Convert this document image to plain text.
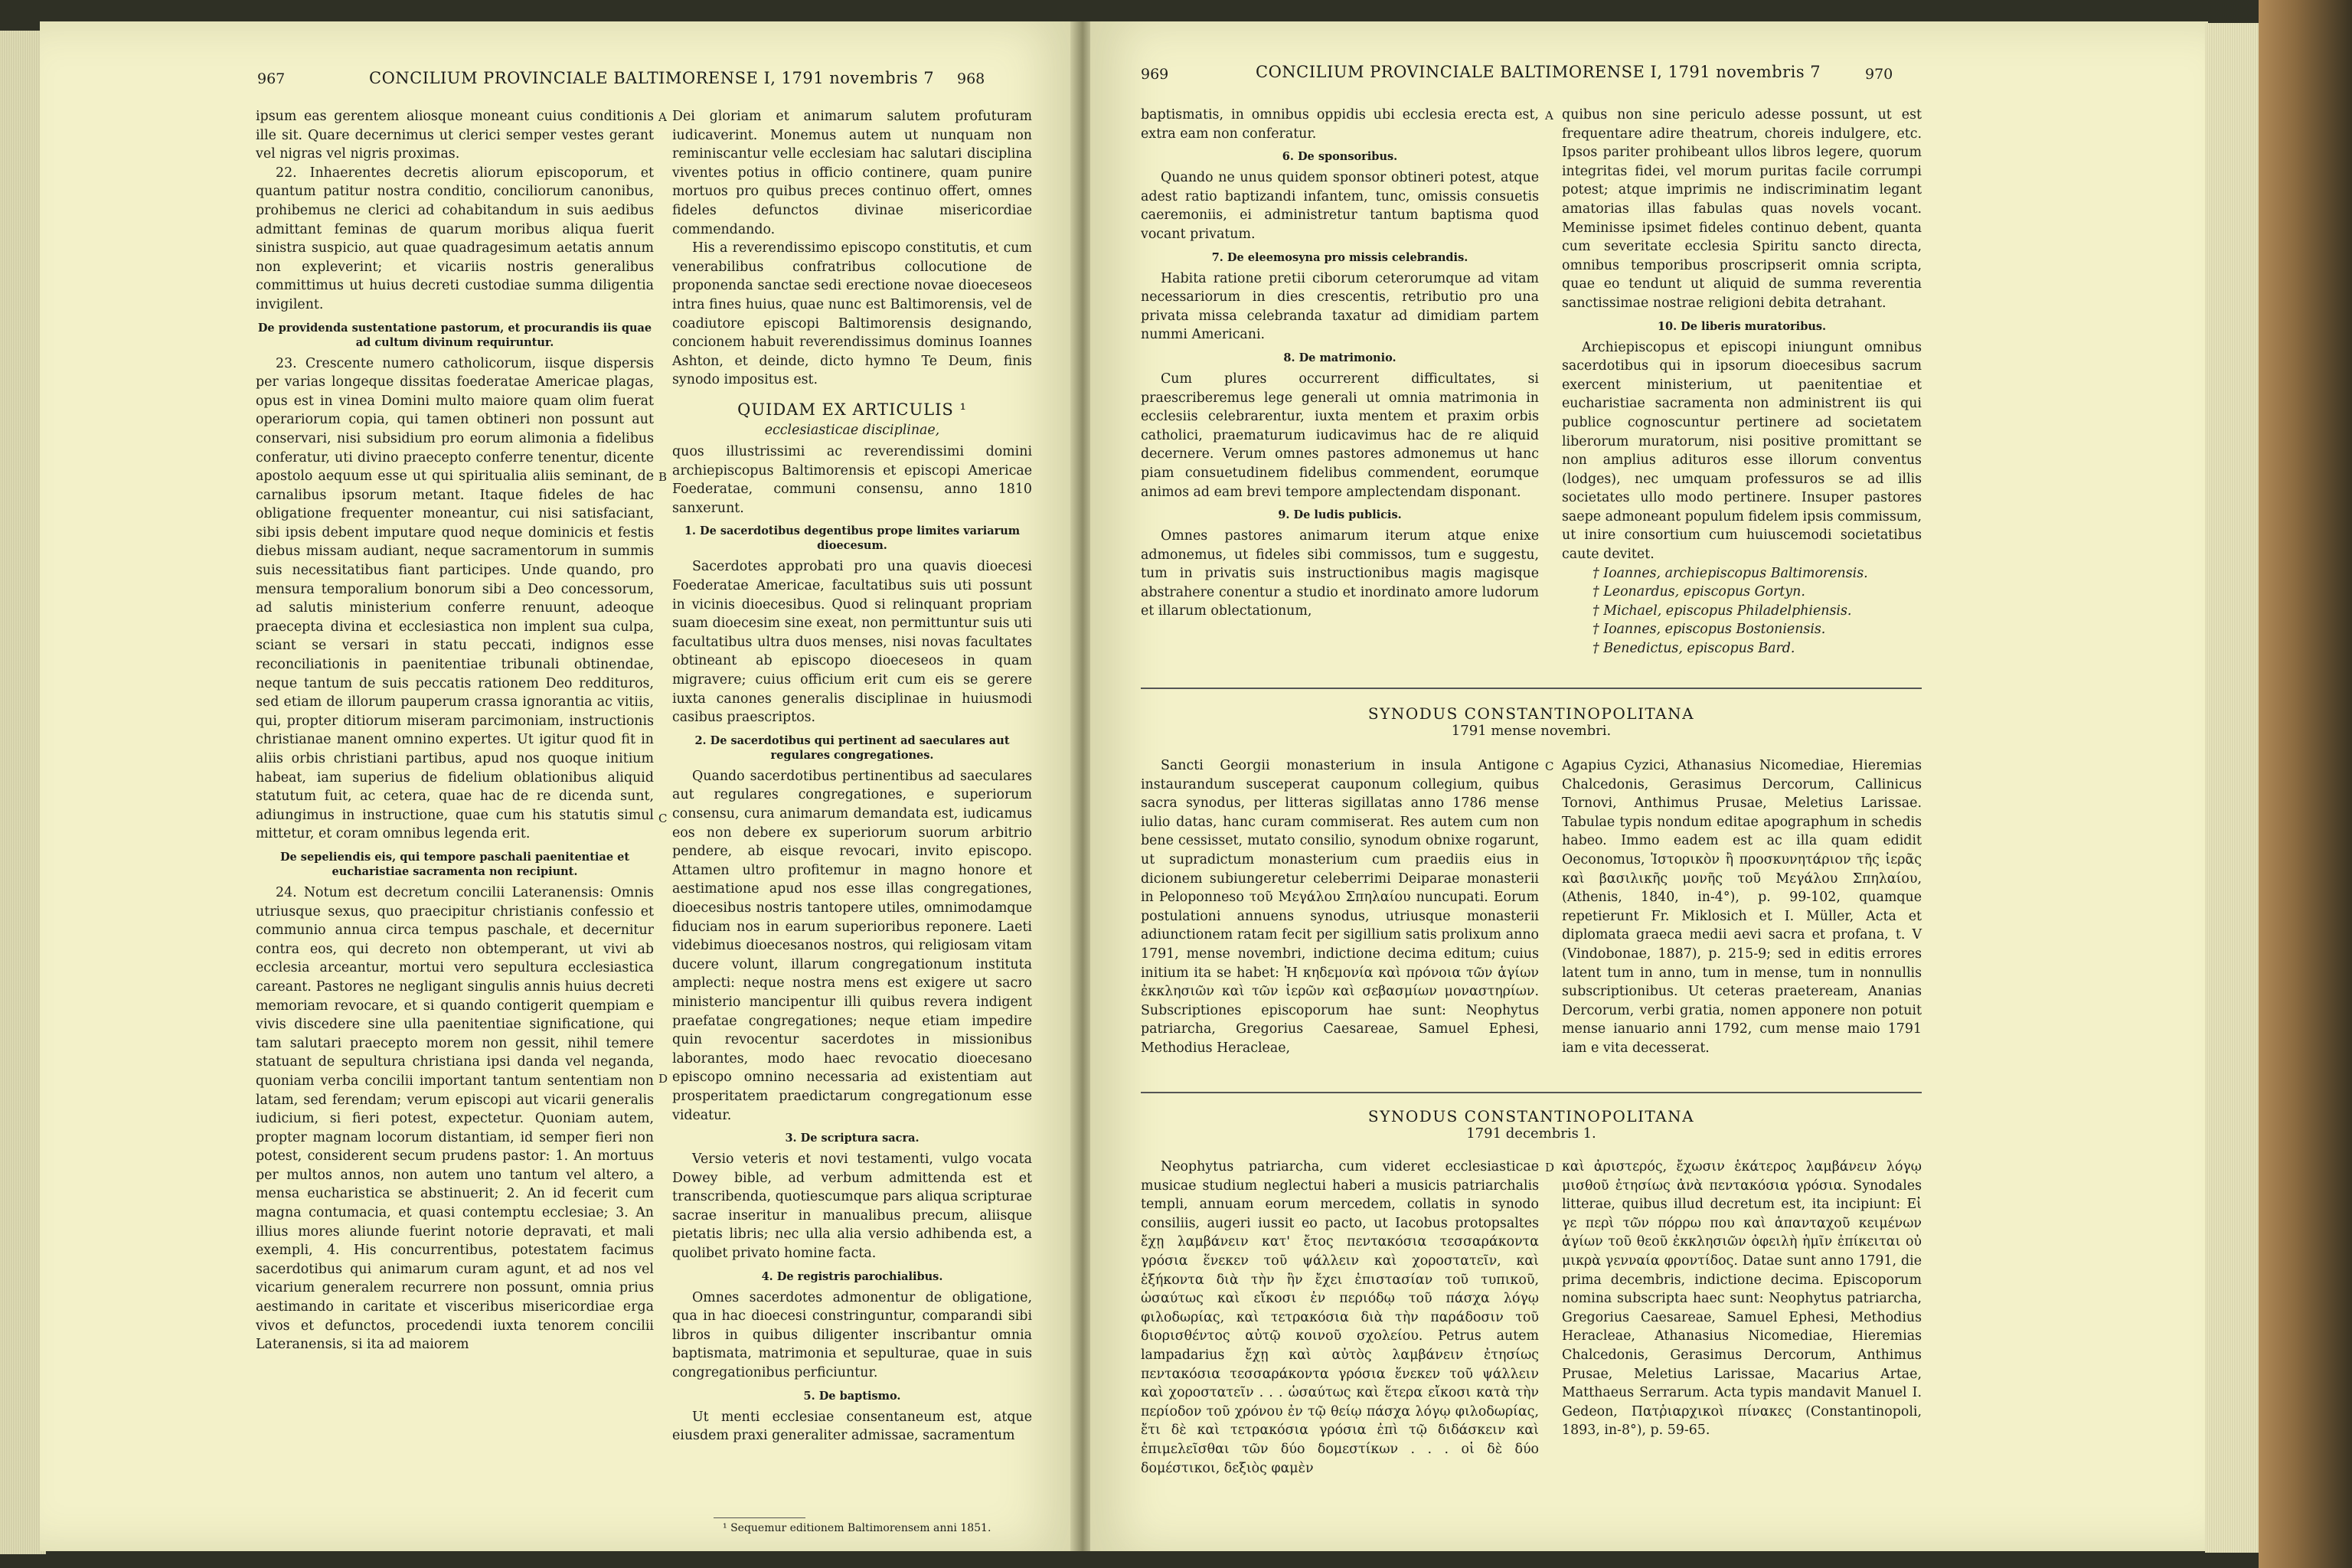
967	CONCILIUM PROVINCIALE BALTIMORENSE I, 1791 novembris 7 968

ipsum eas gerentem aliosque moneant cuius conditionis ille sit. Quare decernimus ut clerici semper vestes gerant vel nigras vel nigris proximas.

22. Inhaerentes decretis aliorum episcoporum, et quantum patitur nostra conditio, conciliorum canonibus, prohibemus ne clerici ad cohabitandum in suis aedibus admittant feminas de quarum moribus aliqua fuerit sinistra suspicio, aut quae quadragesimum aetatis annum non expleverint; et vicariis nostris generalibus committimus ut huius decreti custodiae summa diligentia invigilent.

De providenda sustentatione pastorum, et procurandis iis quae ad cultum divinum requiruntur.

23. Crescente numero catholicorum, iisque dispersis per varias longeque dissitas foederatae Americae plagas, opus est in vinea Domini multo maiore quam olim fuerat operariorum copia, qui tamen obtineri non possunt aut conservari, nisi subsidium pro eorum alimonia a fidelibus conferatur, uti divino praecepto conferre tenentur, dicente apostolo aequum esse ut qui spiritualia aliis seminant, de carnalibus ipsorum metant. Itaque fideles de hac obligatione frequenter moneantur, cui nisi satisfaciant, sibi ipsis debent imputare quod neque dominicis et festis diebus missam audiant, neque sacramentorum in summis suis necessitatibus fiant participes. Unde quando, pro mensura temporalium bonorum sibi a Deo concessorum, ad salutis ministerium conferre renuunt, adeoque praecepta divina et ecclesiastica non implent sua culpa, sciant se versari in statu peccati, indignos esse reconciliationis in paenitentiae tribunali obtinendae, neque tantum de suis peccatis rationem Deo reddituros, sed etiam de illorum pauperum crassa ignorantia ac vitiis, qui, propter ditiorum miseram parcimoniam, instructionis christianae manent omnino expertes. Ut igitur quod fit in aliis orbis christiani partibus, apud nos quoque initium habeat, iam superius de fidelium oblationibus aliquid statutum fuit, ac cetera, quae hac de re dicenda sunt, adiungimus in instructione, quae cum his statutis simul mittetur, et coram omnibus legenda erit.

De sepeliendis eis, qui tempore paschali paenitentiae et eucharistiae sacramenta non recipiunt.

24. Notum est decretum concilii Lateranensis: Omnis utriusque sexus, quo praecipitur christianis confessio et communio annua circa tempus paschale, et decernitur contra eos, qui decreto non obtemperant, ut vivi ab ecclesia arceantur, mortui vero sepultura ecclesiastica careant. Pastores ne negligant singulis annis huius decreti memoriam revocare, et si quando contigerit quempiam e vivis discedere sine ulla paenitentiae significatione, qui tam salutari praecepto morem non gessit, nihil temere statuant de sepultura christiana ipsi danda vel neganda, quoniam verba concilii important tantum sententiam non latam, sed ferendam; verum episcopi aut vicarii generalis iudicium, si fieri potest, expectetur. Quoniam autem, propter magnam locorum distantiam, id semper fieri non potest, considerent secum prudens pastor: 1. An mortuus per multos annos, non autem uno tantum vel altero, a mensa eucharistica se abstinuerit; 2. An id fecerit cum magna contumacia, et quasi contemptu ecclesiae; 3. An illius mores aliunde fuerint notorie depravati, et mali exempli, 4. His concurrentibus, potestatem facimus sacerdotibus qui animarum curam agunt, et ad nos vel vicarium generalem recurrere non possunt, omnia prius aestimando in caritate et visceribus misericordiae erga vivos et defunctos, procedendi iuxta tenorem concilii Lateranensis, si ita ad maiorem

A
B
C
D

Dei gloriam et animarum salutem profuturam iudicaverint. Monemus autem ut nunquam non reminiscantur velle ecclesiam hac salutari disciplina viventes potius in officio continere, quam punire mortuos pro quibus preces continuo offert, omnes fideles defunctos divinae misericordiae commendando.

His a reverendissimo episcopo constitutis, et cum venerabilibus confratribus collocutione de proponenda sanctae sedi erectione novae dioeceseos intra fines huius, quae nunc est Baltimorensis, vel de coadiutore episcopi Baltimorensis designando, concionem habuit reverendissimus dominus Ioannes Ashton, et deinde, dicto hymno Te Deum, finis synodo impositus est.

QUIDAM EX ARTICULIS ¹
ecclesiasticae disciplinae,

quos illustrissimi ac reverendissimi domini archiepiscopus Baltimorensis et episcopi Americae Foederatae, communi consensu, anno 1810 sanxerunt.

1. De sacerdotibus degentibus prope limites variarum dioecesum.

Sacerdotes approbati pro una quavis dioecesi Foederatae Americae, facultatibus suis uti possunt in vicinis dioecesibus. Quod si relinquant propriam suam dioecesim sine exeat, non permittuntur suis uti facultatibus ultra duos menses, nisi novas facultates obtineant ab episcopo dioeceseos in quam migravere; cuius officium erit cum eis se gerere iuxta canones generalis disciplinae in huiusmodi casibus praescriptos.

2. De sacerdotibus qui pertinent ad saeculares aut regulares congregationes.

Quando sacerdotibus pertinentibus ad saeculares aut regulares congregationes, e superiorum consensu, cura animarum demandata est, iudicamus eos non debere ex superiorum suorum arbitrio pendere, ab eisque revocari, invito episcopo. Attamen ultro profitemur in magno honore et aestimatione apud nos esse illas congregationes, dioecesibus nostris tantopere utiles, omnimodamque fiduciam nos in earum superioribus reponere. Laeti videbimus dioecesanos nostros, qui religiosam vitam ducere volunt, illarum congregationum instituta amplecti: neque nostra mens est exigere ut sacro ministerio mancipentur illi quibus revera indigent praefatae congregationes; neque etiam impedire quin revocentur sacerdotes in missionibus laborantes, modo haec revocatio dioecesano episcopo omnino necessaria ad existentiam aut prosperitatem praedictarum congregationum esse videatur.

3. De scriptura sacra.

Versio veteris et novi testamenti, vulgo vocata Dowey bible, ad verbum admittenda est et transcribenda, quotiescumque pars aliqua scripturae sacrae inseritur in manualibus precum, aliisque pietatis libris; nec ulla alia versio adhibenda est, a quolibet privato homine facta.

4. De registris parochialibus.

Omnes sacerdotes admonentur de obligatione, qua in hac dioecesi constringuntur, comparandi sibi libros in quibus diligenter inscribantur omnia baptismata, matrimonia et sepulturae, quae in suis congregationibus perficiuntur.

5. De baptismo.

Ut menti ecclesiae consentaneum est, atque eiusdem praxi generaliter admissae, sacramentum

¹ Sequemur editionem Baltimorensem anni 1851.
969	CONCILIUM PROVINCIALE BALTIMORENSE I, 1791 novembris 7	970

baptismatis, in omnibus oppidis ubi ecclesia erecta est, extra eam non conferatur.

6. De sponsoribus.

Quando ne unus quidem sponsor obtineri potest, atque adest ratio baptizandi infantem, tunc, omissis consuetis caeremoniis, ei administretur tantum baptisma quod vocant privatum.

7. De eleemosyna pro missis celebrandis.

Habita ratione pretii ciborum ceterorumque ad vitam necessariorum in dies crescentis, retributio pro una privata missa celebranda taxatur ad dimidiam partem nummi Americani.

8. De matrimonio.

Cum plures occurrerent difficultates, si praescriberemus lege generali ut omnia matrimonia in ecclesiis celebrarentur, iuxta mentem et praxim orbis catholici, praematurum iudicavimus hac de re aliquid decernere. Verum omnes pastores admonemus ut hanc piam consuetudinem fidelibus commendent, eorumque animos ad eam brevi tempore amplectendam disponant.

9. De ludis publicis.

Omnes pastores animarum iterum atque enixe admonemus, ut fideles sibi commissos, tum e suggestu, tum in privatis suis instructionibus magis magisque abstrahere conentur a studio et inordinato amore ludorum et illarum oblectationum,

A quibus non sine periculo adesse possunt, ut est frequentare adire theatrum, choreis indulgere, etc. Ipsos pariter prohibeant ullos libros legere, quorum integritas fidei, vel morum puritas facile corrumpi potest; atque imprimis ne indiscriminatim legant amatorias illas fabulas quas novels vocant. Meminisse ipsimet fideles continuo debent, quanta cum severitate ecclesia Spiritu sancto directa, omnibus temporibus proscripserit omnia scripta, quae eo tendunt ut aliquid de summa reverentia sanctissimae nostrae religioni debita detrahant.

10. De liberis muratoribus.

Archiepiscopus et episcopi iniungunt omnibus sacerdotibus qui in ipsorum dioecesibus sacrum exercent ministerium, ut paenitentiae et eucharistiae sacramenta non administrent iis qui publice cognoscuntur pertinere ad societatem liberorum muratorum, nisi positive promittant se non amplius adituros esse illorum conventus (lodges), nec umquam professuros se ad illis societates ullo modo pertinere. Insuper pastores saepe admoneant populum fidelem ipsis commissum, ut inire consortium cum huiuscemodi societatibus caute devitet.

† Ioannes, archiepiscopus Baltimorensis.

† Leonardus, episcopus Gortyn.

† Michael, episcopus Philadelphiensis.

† Ioannes, episcopus Bostoniensis.

† Benedictus, episcopus Bard.

SYNODUS CONSTANTINOPOLITANA
1791 mense novembri.

Sancti Georgii monasterium in insula Antigone instaurandum susceperat cauponum collegium, quibus sacra synodus, per litteras sigillatas anno 1786 mense iulio datas, hanc curam commiserat. Res autem cum non bene cessisset, mutato consilio, synodum obnixe rogarunt, ut supradictum monasterium cum praediis eius in dicionem subiungeretur celeberrimi Deiparae monasterii in Peloponneso τοῦ Μεγάλου Σπηλαίου nuncupati. Eorum postulationi annuens synodus, utriusque monasterii adiunctionem ratam fecit per sigillium satis prolixum anno 1791, mense novembri, indictione decima editum; cuius initium ita se habet: Ἡ κηδεμονία καὶ πρόνοια τῶν ἁγίων ἐκκλησιῶν καὶ τῶν ἱερῶν καὶ σεβασμίων μοναστηρίων. Subscriptiones episcoporum hae sunt: Neophytus patriarcha, Gregorius Caesareae, Samuel Ephesi, Methodius Heracleae,

C Agapius Cyzici, Athanasius Nicomediae, Hieremias Chalcedonis, Gerasimus Dercorum, Callinicus Tornovi, Anthimus Prusae, Meletius Larissae. Tabulae typis nondum editae apographum in schedis habeo. Immo eadem est ac illa quam edidit Oeconomus, Ἱστορικὸν ἢ προσκυνητάριον τῆς ἱερᾶς καὶ βασιλικῆς μονῆς τοῦ Μεγάλου Σπηλαίου, (Athenis, 1840, in-4°), p. 99-102, quamque repetierunt Fr. Miklosich et I. Müller, Acta et diplomata graeca medii aevi sacra et profana, t. V (Vindobonae, 1887), p. 215-9; sed in editis errores latent tum in anno, tum in mense, tum in nonnullis subscriptionibus. Ut ceteras praeteream, Ananias Dercorum, verbi gratia, nomen apponere non potuit mense ianuario anni 1792, cum mense maio 1791 iam e vita decesserat.

SYNODUS CONSTANTINOPOLITANA
1791 decembris 1.

Neophytus patriarcha, cum videret ecclesiasticae musicae studium neglectui haberi a musicis patriarchalis templi, annuam eorum mercedem, collatis in synodo consiliis, augeri iussit eo pacto, ut Iacobus protopsaltes ἔχῃ λαμβάνειν κατ' ἔτος πεντακόσια τεσσαράκοντα γρόσια ἕνεκεν τοῦ ψάλλειν καὶ χοροστατεῖν, καὶ ἑξήκοντα διὰ τὴν ἣν ἔχει ἐπιστασίαν τοῦ τυπικοῦ, ὡσαύτως καὶ εἴκοσι ἐν περιόδῳ τοῦ πάσχα λόγῳ φιλοδωρίας, καὶ τετρακόσια διὰ τὴν παράδοσιν τοῦ διορισθέντος αὐτῷ κοινοῦ σχολείου. Petrus autem lampadarius ἔχῃ καὶ αὐτὸς λαμβάνειν ἐτησίως πεντακόσια τεσσαράκοντα γρόσια ἕνεκεν τοῦ ψάλλειν καὶ χοροστατεῖν . . . ὡσαύτως καὶ ἕτερα εἴκοσι κατὰ τὴν περίοδον τοῦ χρόνου ἐν τῷ θείῳ πάσχα λόγῳ φιλοδωρίας, ἔτι δὲ καὶ τετρακόσια γρόσια ἐπὶ τῷ διδάσκειν καὶ ἐπιμελεῖσθαι τῶν δύο δομεστίκων . . . οἱ δὲ δύο δομέστικοι, δεξιὸς φαμὲν

D καὶ ἀριστερός, ἔχωσιν ἑκάτερος λαμβάνειν λόγῳ μισθοῦ ἐτησίως ἀνὰ πεντακόσια γρόσια. Synodales litterae, quibus illud decretum est, ita incipiunt: Εἰ γε περὶ τῶν πόρρω που καὶ ἁπανταχοῦ κειμένων ἁγίων τοῦ θεοῦ ἐκκλησιῶν ὀφειλὴ ἡμῖν ἐπίκειται οὐ μικρὰ γενναία φροντίδος. Datae sunt anno 1791, die prima decembris, indictione decima. Episcoporum nomina subscripta haec sunt: Neophytus patriarcha, Gregorius Caesareae, Samuel Ephesi, Methodius Heracleae, Athanasius Nicomediae, Hieremias Chalcedonis, Gerasimus Dercorum, Anthimus Prusae, Meletius Larissae, Macarius Artae, Matthaeus Serrarum. Acta typis mandavit Manuel I. Gedeon, Πατῥιαρχικοὶ πίνακες (Constantinopoli, 1893, in-8°), p. 59-65.
